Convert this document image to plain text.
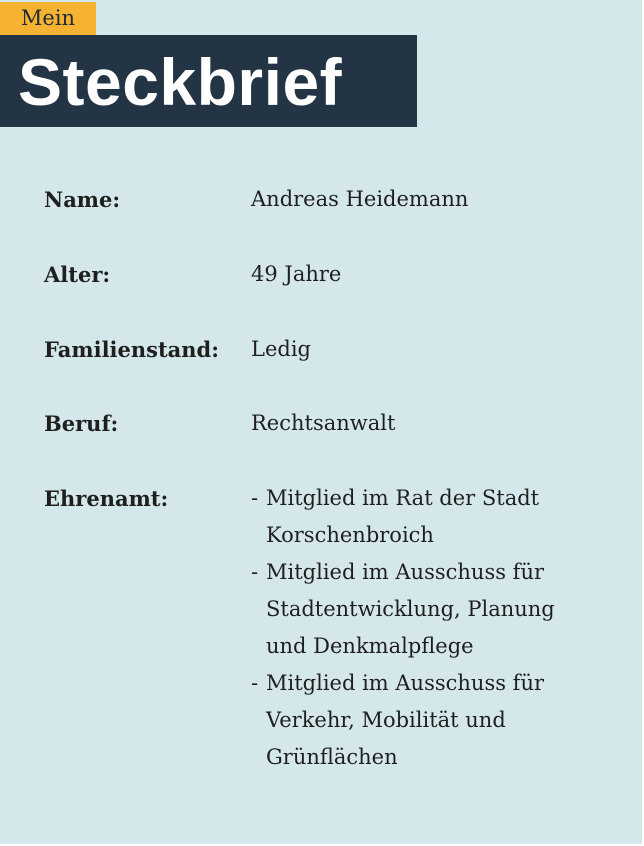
Mein
Steckbrief
Name:	Andreas Heidemann
Alter:	49 Jahre
Familienstand:	Ledig
Beruf:	Rechtsanwalt
Ehrenamt:	- Mitglied im Rat der Stadt
Korschenbroich
- Mitglied im Ausschuss für
Stadtentwicklung, Planung
und Denkmalpflege
- Mitglied im Ausschuss für
Verkehr, Mobilität und
Grünflächen
